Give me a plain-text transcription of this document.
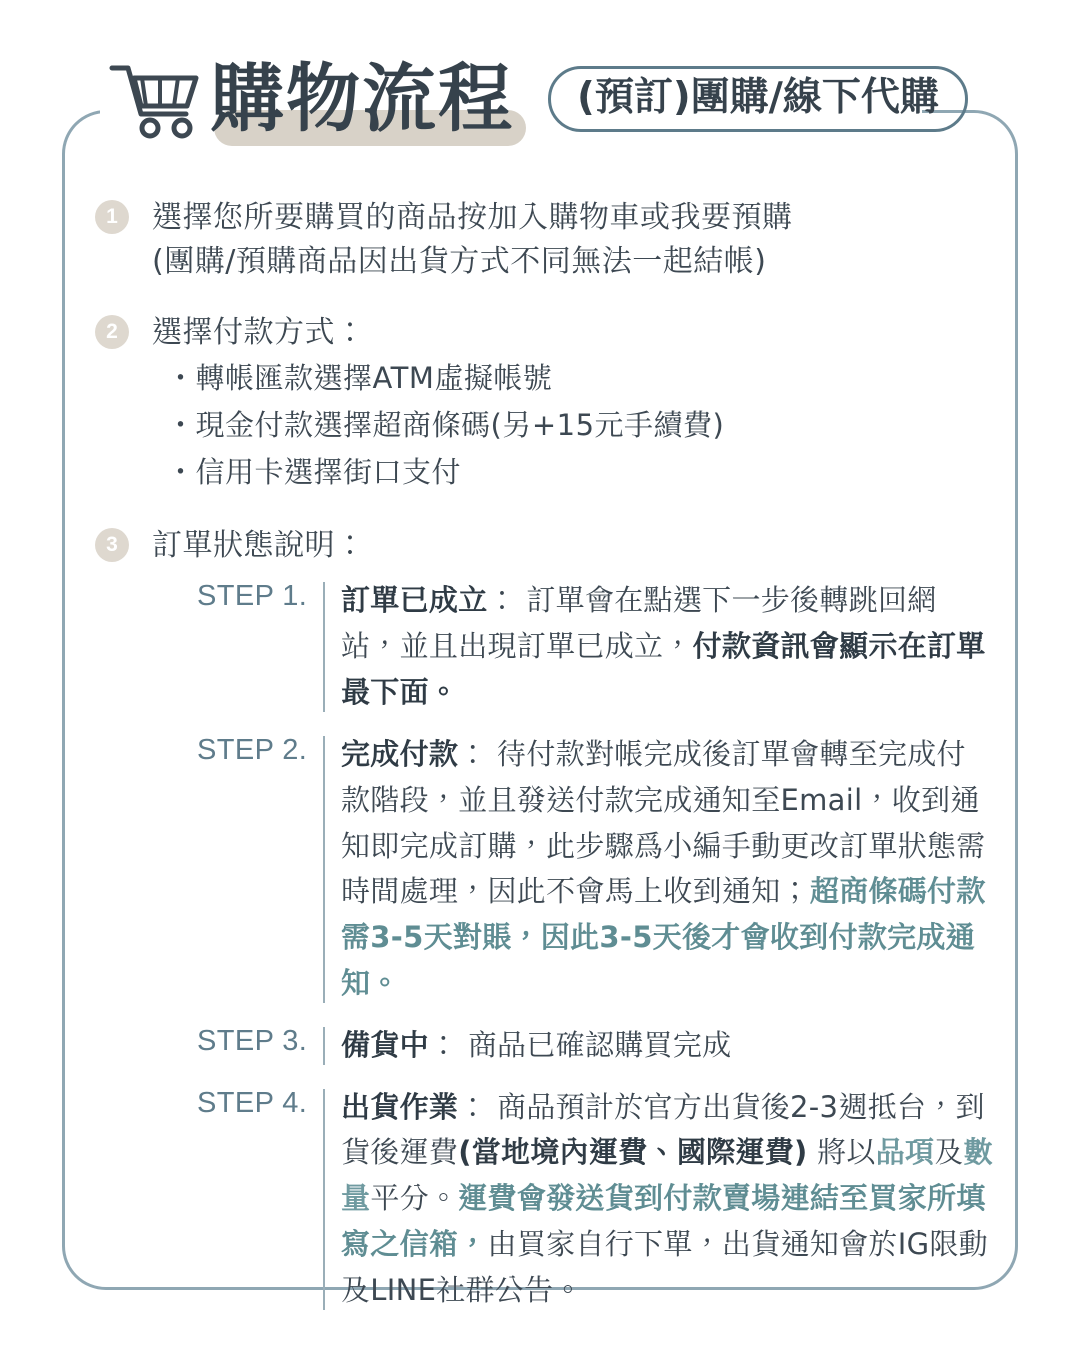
購物流程	(預訂)團購/線下代購
1	選擇您所要購買的商品按加入購物車或我要預購
(團購/預購商品因出貨方式不同無法一起結帳)
2	選擇付款方式：
・ 轉帳匯款選擇ATM虛擬帳號
・ 現金付款選擇超商條碼(另+15元手續費)
・ 信用卡選擇街口支付
3	訂單狀態說明：
STEP 1.	訂單已成立： 訂單會在點選下一步後轉跳回網站，並且出現訂單已成立，付款資訊會顯示在訂單最下面。
STEP 2.	完成付款： 待付款對帳完成後訂單會轉至完成付款階段，並且發送付款完成通知至Email，收到通知即完成訂購，此步驟爲小編手動更改訂單狀態需時間處理，因此不會馬上收到通知；超商條碼付款需3-5天對賬，因此3-5天後才會收到付款完成通知。
STEP 3.	備貨中： 商品已確認購買完成
STEP 4.	出貨作業： 商品預計於官方出貨後2-3週抵台，到貨後運費(當地境內運費、國際運費) 將以品項及數量平分。運費會發送貨到付款賣場連結至買家所填寫之信箱，由買家自行下單，出貨通知會於IG限動及LINE社群公告。
